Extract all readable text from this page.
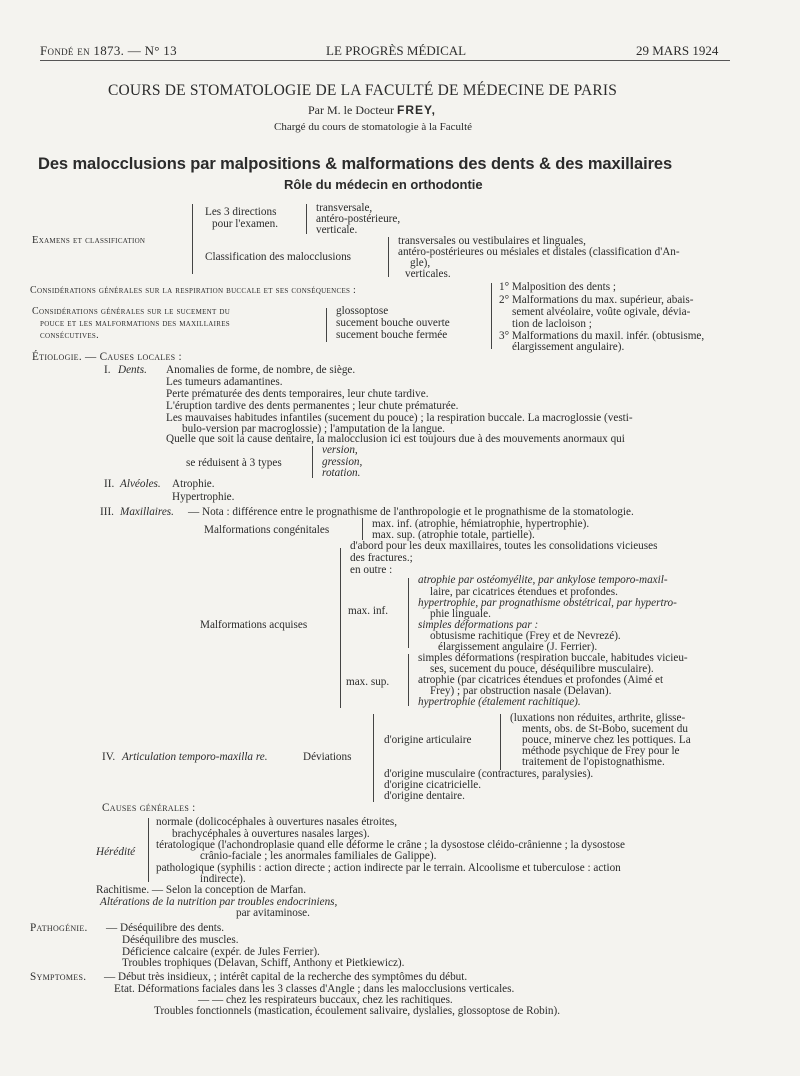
Fondé en 1873. — N° 13	LE PROGRÈS MÉDICAL	29 MARS 1924
COURS DE STOMATOLOGIE DE LA FACULTÉ DE MÉDECINE DE PARIS
Par M. le Docteur FREY,
Chargé du cours de stomatologie à la Faculté
Des malocclusions par malpositions & malformations des dents & des maxillaires
Rôle du médecin en orthodontie
Examens et classification
Les 3 directions
pour l'examen.
transversale,
antéro-postérieure,
verticale.
Classification des malocclusions
transversales ou vestibulaires et linguales,
antéro-postérieures ou mésiales et distales (classification d'An-
gle),
verticales.
Considérations générales sur la respiration buccale et ses conséquences :	1° Malposition des dents ;
2° Malformations du max. supérieur, abais-
sement alvéolaire, voûte ogivale, dévia-
tion de lacloison ;
3° Malformations du maxil. infér. (obtusisme,
élargissement angulaire).
Considérations générales sur le sucement du
pouce et les malformations des maxillaires
consécutives.
glossoptose
sucement bouche ouverte
sucement bouche fermée
Étiologie. — Causes locales :
I. Dents. Anomalies de forme, de nombre, de siège.
Les tumeurs adamantines.
Perte prématurée des dents temporaires, leur chute tardive.
L'éruption tardive des dents permanentes ; leur chute prématurée.
Les mauvaises habitudes infantiles (sucement du pouce) ; la respiration buccale. La macroglossie (vesti-
bulo-version par macroglossie) ; l'amputation de la langue.
Quelle que soit la cause dentaire, la malocclusion ici est toujours due à des mouvements anormaux qui
se réduisent à 3 types
version,
gression,
rotation.
II. Alvéoles. Atrophie.
Hypertrophie.
III. Maxillaires. — Nota : différence entre le prognathisme de l'anthropologie et le prognathisme de la stomatologie.
Malformations congénitales	max. inf. (atrophie, hémiatrophie, hypertrophie).
max. sup. (atrophie totale, partielle).
Malformations acquises
d'abord pour les deux maxillaires, toutes les consolidations vicieuses
des fractures.;
en outre :
max. inf.
atrophie par ostéomyélite, par ankylose temporo-maxil-
laire, par cicatrices étendues et profondes.
hypertrophie, par prognathisme obstétrical, par hypertro-
phie linguale.
simples déformations par :
obtusisme rachitique (Frey et de Nevrezé).
élargissement angulaire (J. Ferrier).
max. sup.
simples déformations (respiration buccale, habitudes vicieu-
ses, sucement du pouce, déséquilibre musculaire).
atrophie (par cicatrices étendues et profondes (Aimé et
Frey) ; par obstruction nasale (Delavan).
hypertrophie (étalement rachitique).
IV. Articulation temporo-maxilla re.	Déviations
d'origine articulaire
(luxations non réduites, arthrite, glisse-
ments, obs. de St-Bobo, sucement du
pouce, minerve chez les pottiques. La
méthode psychique de Frey pour le
traitement de l'opistognathisme.
d'origine musculaire (contractures, paralysies).
d'origine cicatricielle.
d'origine dentaire.
Causes générales :
Hérédité
normale (dolicocéphales à ouvertures nasales étroites,
brachycéphales à ouvertures nasales larges).
tératologique (l'achondroplasie quand elle déforme le crâne ; la dysostose cléido-crânienne ; la dysostose
crânio-faciale ; les anormales familiales de Galippe).
pathologique (syphilis : action directe ; action indirecte par le terrain. Alcoolisme et tuberculose : action
indirecte).
Rachitisme. — Selon la conception de Marfan.
Altérations de la nutrition par troubles endocriniens,
par avitaminose.
Pathogénie. — Déséquilibre des dents.
Déséquilibre des muscles.
Déficience calcaire (expér. de Jules Ferrier).
Troubles trophiques (Delavan, Schiff, Anthony et Pietkiewicz).
Symptomes. — Début très insidieux, ; intérêt capital de la recherche des symptômes du début.
Etat. Déformations faciales dans les 3 classes d'Angle ; dans les malocclusions verticales.
— — chez les respirateurs buccaux, chez les rachitiques.
Troubles fonctionnels (mastication, écoulement salivaire, dyslalies, glossoptose de Robin).
